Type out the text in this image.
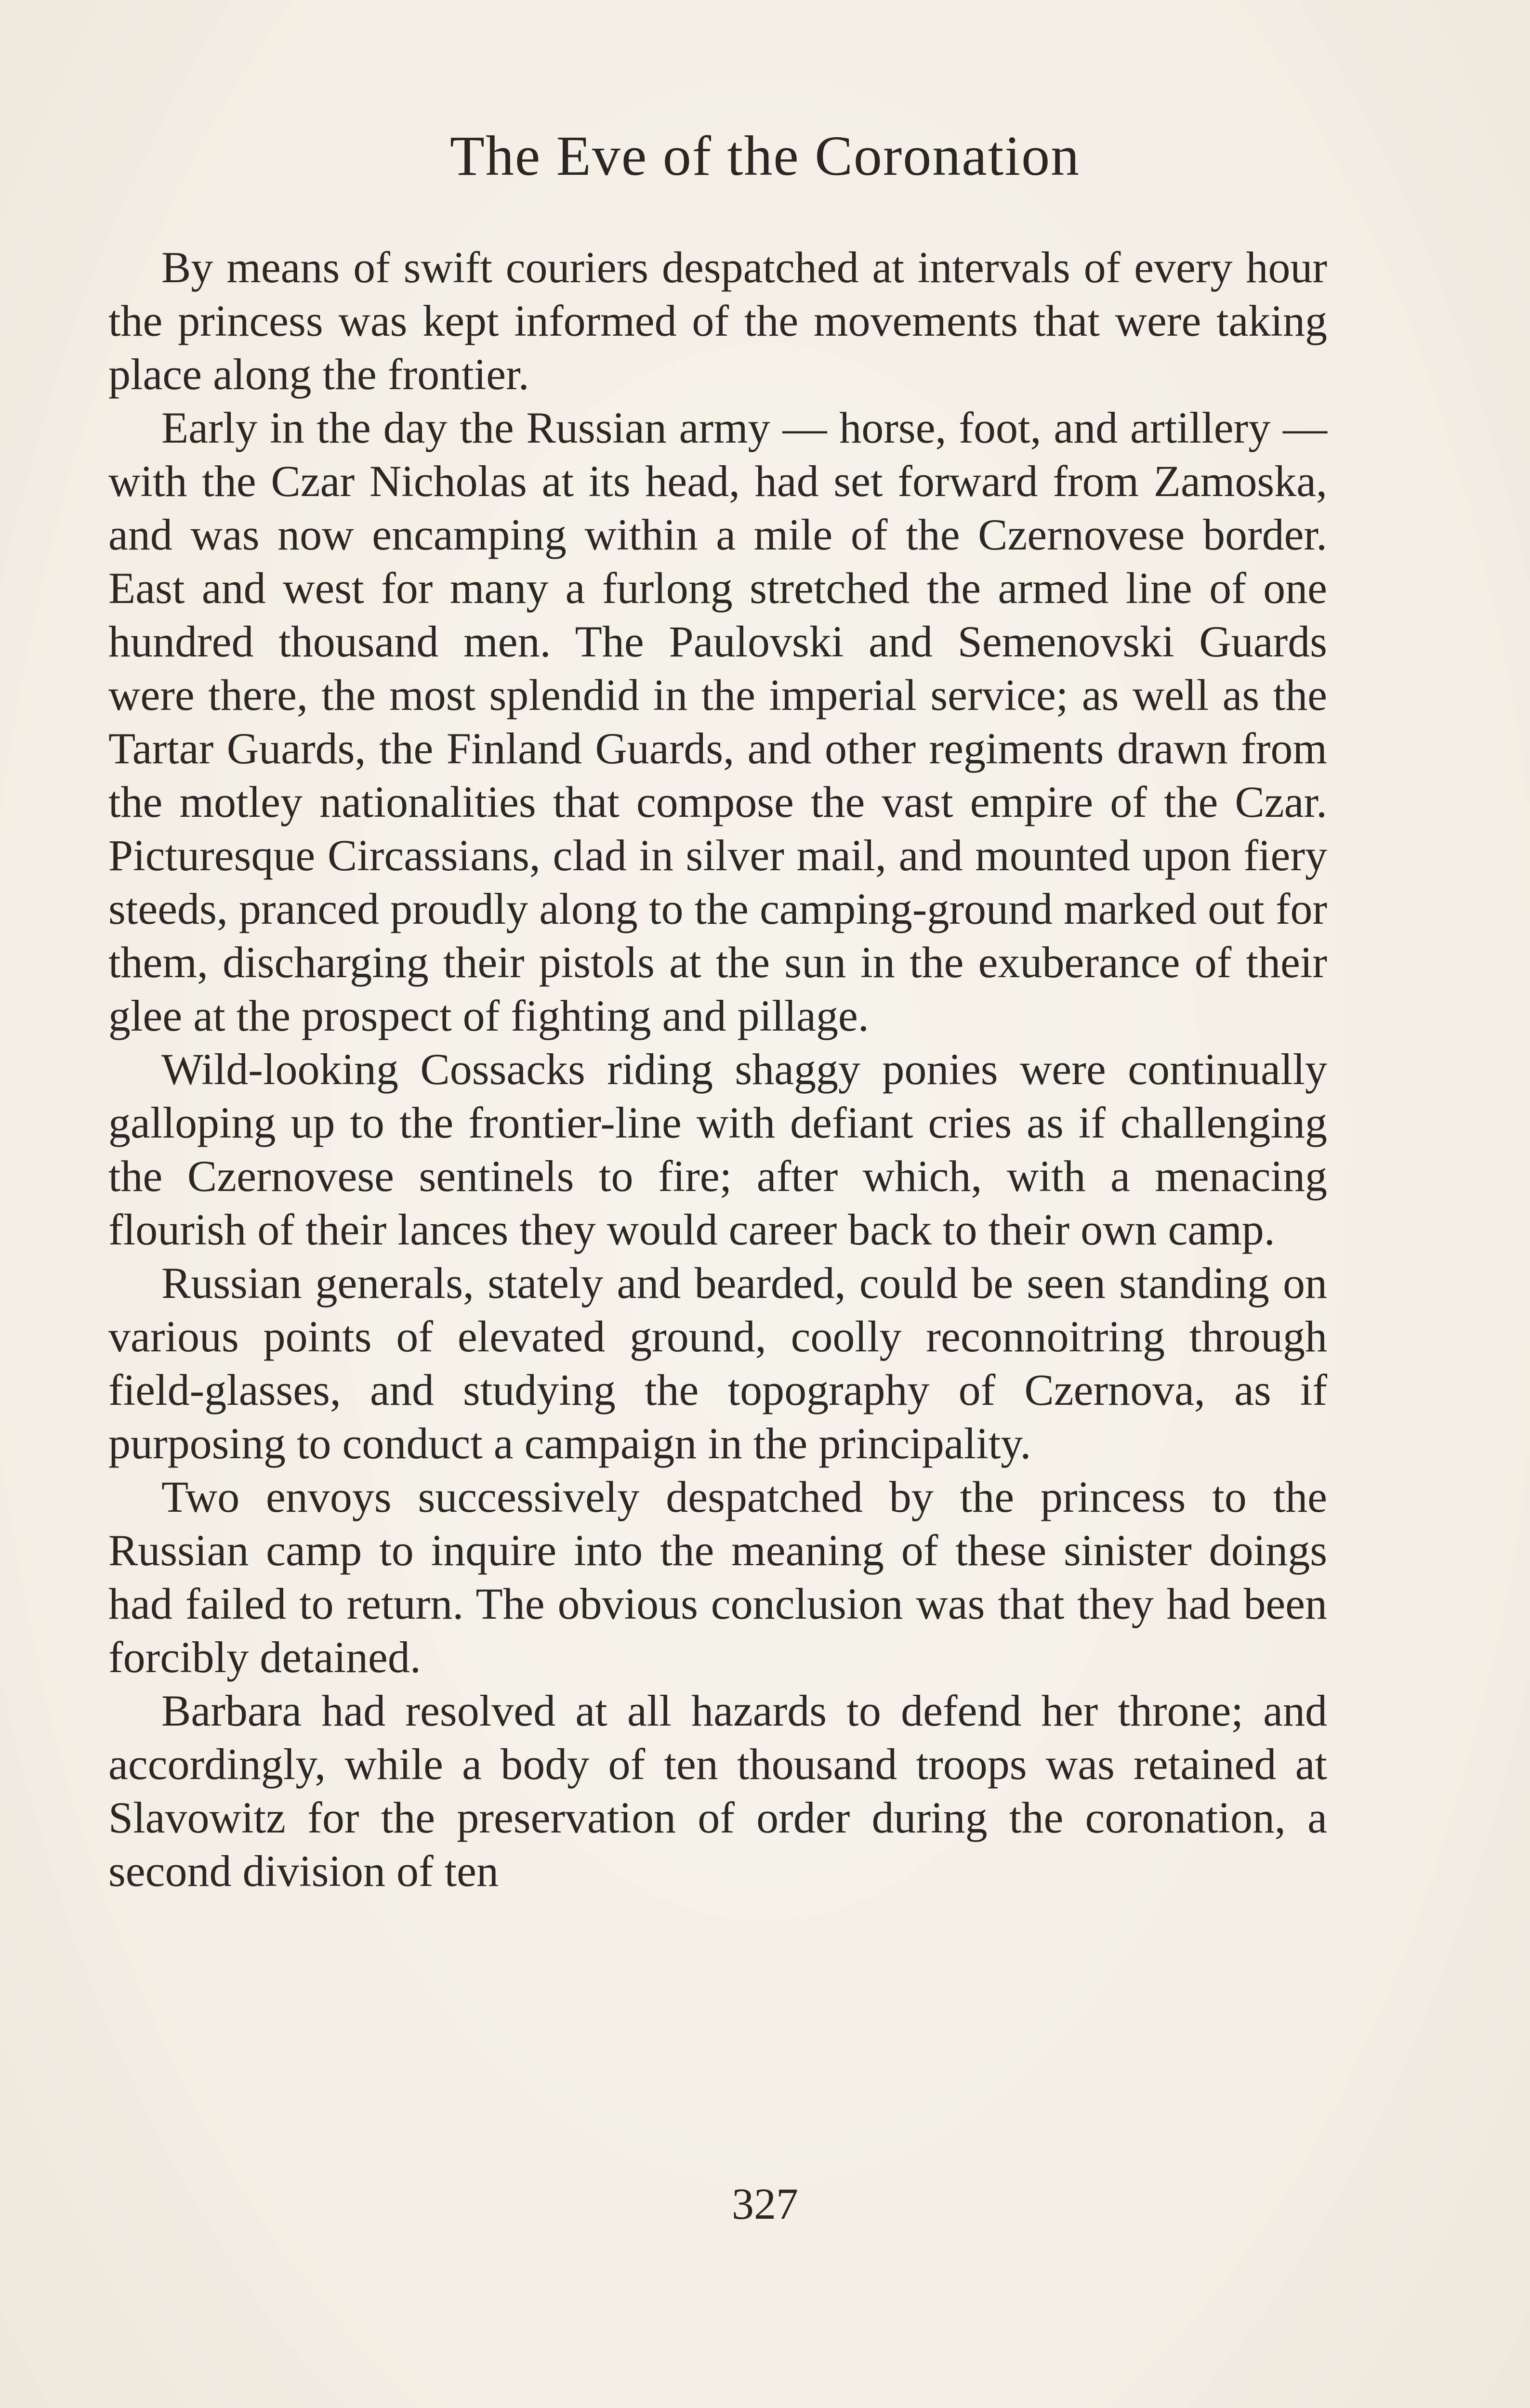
The Eve of the Coronation

By means of swift couriers despatched at intervals of every hour the princess was kept informed of the movements that were taking place along the frontier.

Early in the day the Russian army — horse, foot, and artillery — with the Czar Nicholas at its head, had set forward from Zamoska, and was now encamping within a mile of the Czernovese border. East and west for many a furlong stretched the armed line of one hundred thousand men. The Paulovski and Semenovski Guards were there, the most splendid in the imperial service; as well as the Tartar Guards, the Finland Guards, and other regiments drawn from the motley nationalities that compose the vast empire of the Czar. Picturesque Circassians, clad in silver mail, and mounted upon fiery steeds, pranced proudly along to the camping-ground marked out for them, discharging their pistols at the sun in the exuberance of their glee at the prospect of fighting and pillage.

Wild-looking Cossacks riding shaggy ponies were continually galloping up to the frontier-line with defiant cries as if challenging the Czernovese sentinels to fire; after which, with a menacing flourish of their lances they would career back to their own camp.

Russian generals, stately and bearded, could be seen standing on various points of elevated ground, coolly reconnoitring through field-glasses, and studying the topography of Czernova, as if purposing to conduct a campaign in the principality.

Two envoys successively despatched by the princess to the Russian camp to inquire into the meaning of these sinister doings had failed to return. The obvious conclusion was that they had been forcibly detained.

Barbara had resolved at all hazards to defend her throne; and accordingly, while a body of ten thousand troops was retained at Slavowitz for the preservation of order during the coronation, a second division of ten

327
